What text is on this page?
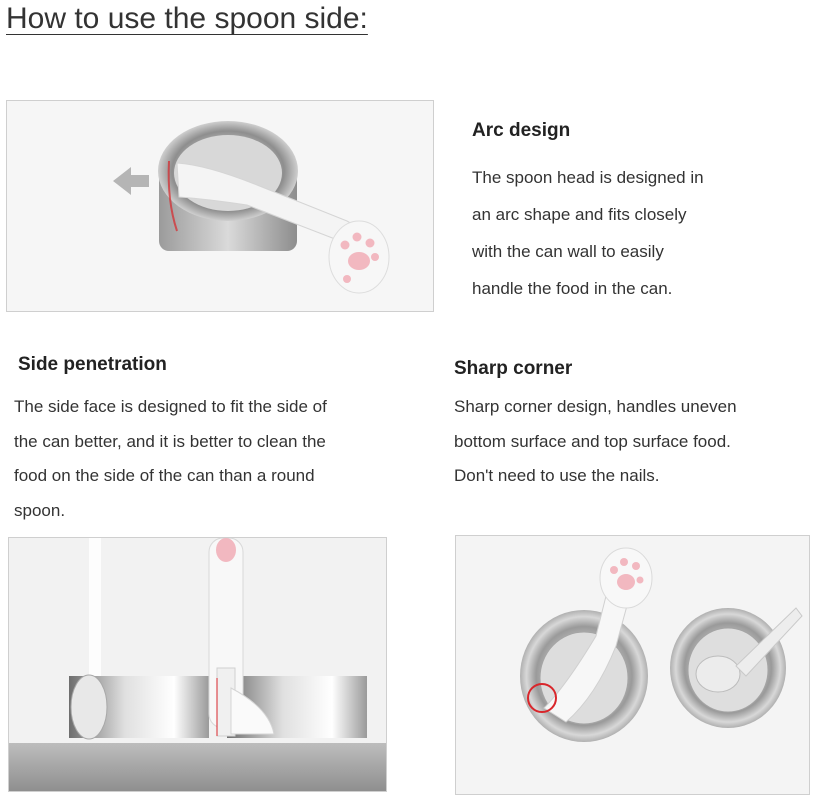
How to use the spoon side:
Arc design
The spoon head is designed in
an arc shape and fits closely
with the can wall to easily
handle the food in the can.
Side penetration
The side face is designed to fit the side of
the can better, and it is better to clean the
food on the side of the can than a round
spoon.
Sharp corner
Sharp corner design, handles uneven
bottom surface and top surface food.
Don't need to use the nails.
